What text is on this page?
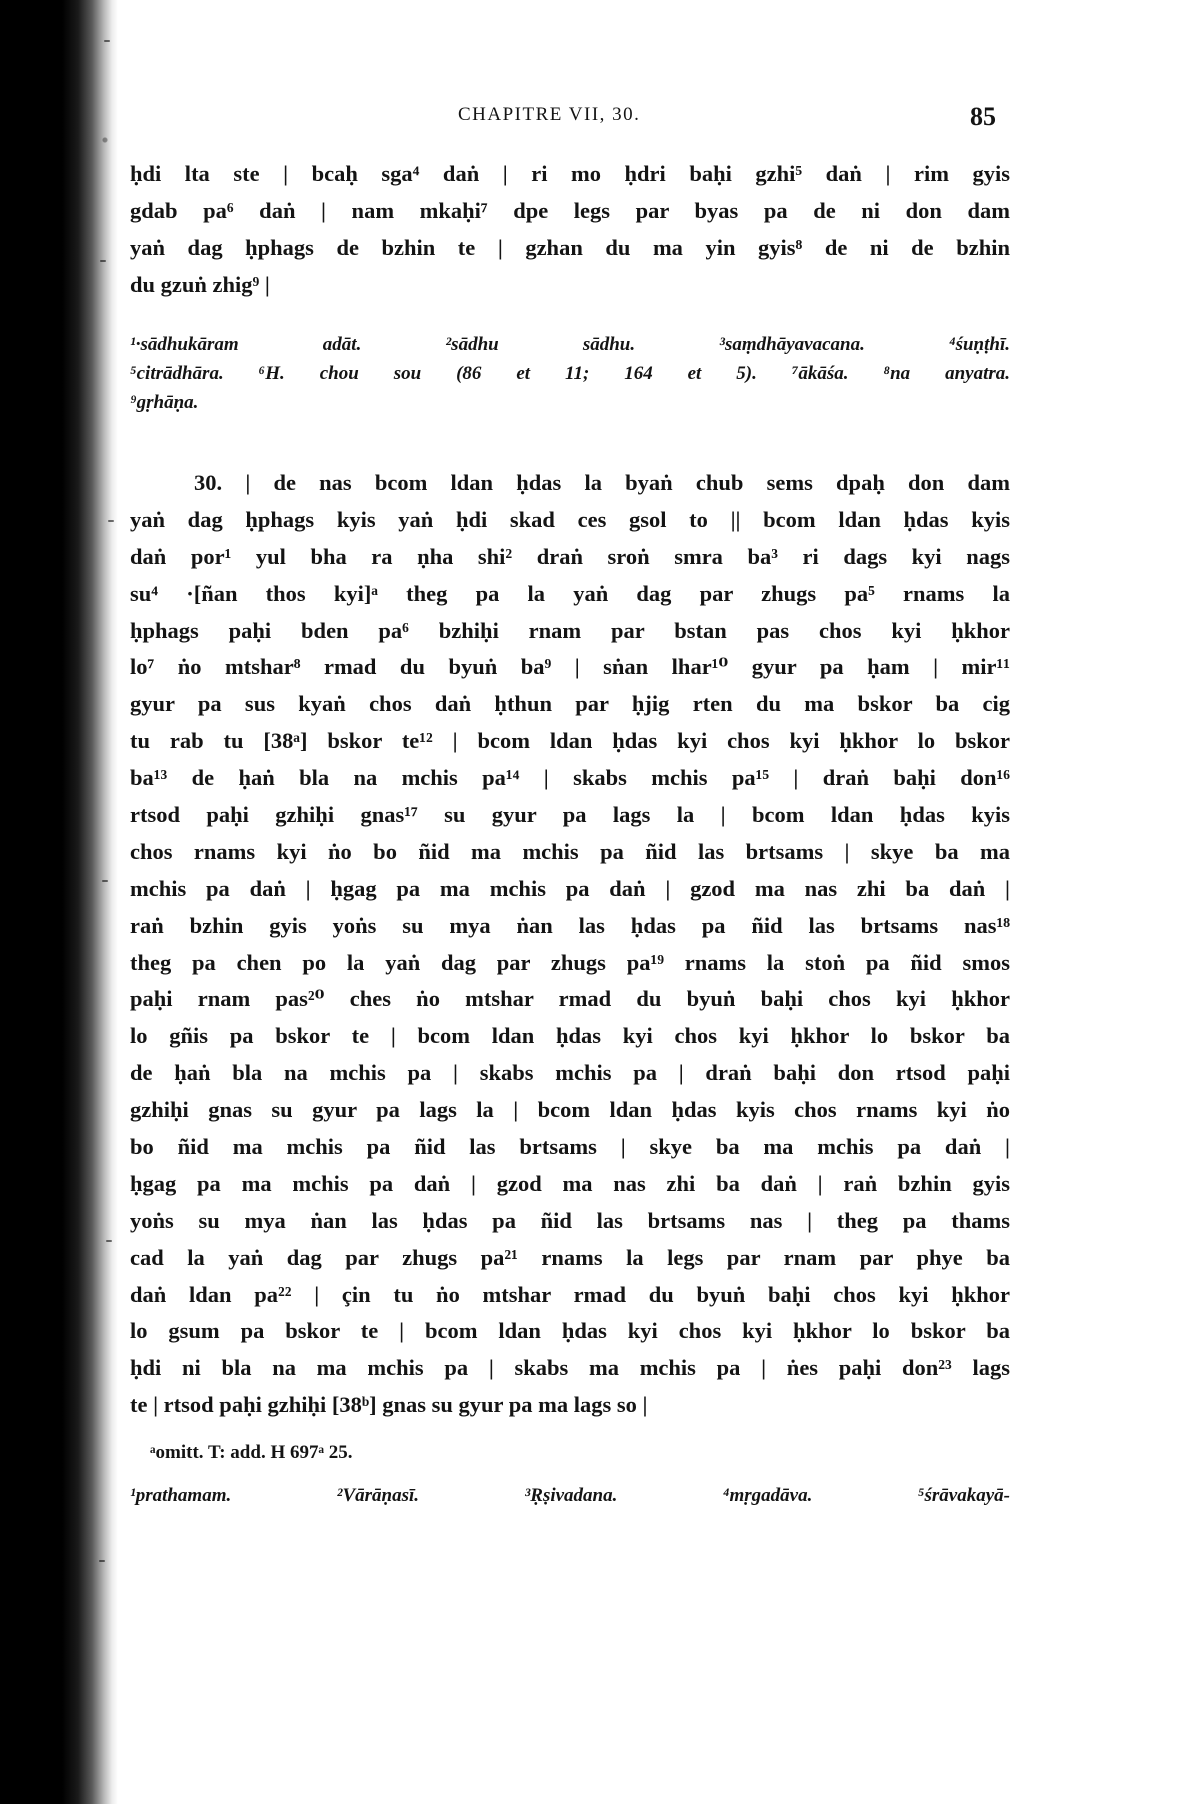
CHAPITRE VII, 30.	85
ḥdi lta ste | bcaḥ sga⁴ daṅ | ri mo ḥdri baḥi gzhi⁵ daṅ | rim gyis
gdab pa⁶ daṅ | nam mkaḥi⁷ dpe legs par byas pa de ni don dam
yaṅ dag ḥphags de bzhin te | gzhan du ma yin gyis⁸ de ni de bzhin
du gzuṅ zhig⁹ |
¹·sādhukāram adāt. ²sādhu sādhu. ³saṃdhāyavacana. ⁴śuṇṭhī.
⁵citrādhāra. ⁶H. chou sou (86 et 11; 164 et 5). ⁷ākāśa. ⁸na anyatra.
⁹gṛhāṇa.
30. | de nas bcom ldan ḥdas la byaṅ chub sems dpaḥ don dam
yaṅ dag ḥphags kyis yaṅ ḥdi skad ces gsol to || bcom ldan ḥdas kyis
daṅ por¹ yul bha ra ṇha shi² draṅ sroṅ smra ba³ ri dags kyi nags
su⁴ ·[ñan thos kyi]ᵃ theg pa la yaṅ dag par zhugs pa⁵ rnams la
ḥphags paḥi bden pa⁶ bzhiḥi rnam par bstan pas chos kyi ḥkhor
lo⁷ ṅo mtshar⁸ rmad du byuṅ ba⁹ | sṅan lhar¹⁰ gyur pa ḥam | mir¹¹
gyur pa sus kyaṅ chos daṅ ḥthun par ḥjig rten du ma bskor ba cig
tu rab tu [38ᵃ] bskor te¹² | bcom ldan ḥdas kyi chos kyi ḥkhor lo bskor
ba¹³ de ḥaṅ bla na mchis pa¹⁴ | skabs mchis pa¹⁵ | draṅ baḥi don¹⁶
rtsod paḥi gzhiḥi gnas¹⁷ su gyur pa lags la | bcom ldan ḥdas kyis
chos rnams kyi ṅo bo ñid ma mchis pa ñid las brtsams | skye ba ma
mchis pa daṅ | ḥgag pa ma mchis pa daṅ | gzod ma nas zhi ba daṅ |
raṅ bzhin gyis yoṅs su mya ṅan las ḥdas pa ñid las brtsams nas¹⁸
theg pa chen po la yaṅ dag par zhugs pa¹⁹ rnams la stoṅ pa ñid smos
paḥi rnam pas²⁰ ches ṅo mtshar rmad du byuṅ baḥi chos kyi ḥkhor
lo gñis pa bskor te | bcom ldan ḥdas kyi chos kyi ḥkhor lo bskor ba
de ḥaṅ bla na mchis pa | skabs mchis pa | draṅ baḥi don rtsod paḥi
gzhiḥi gnas su gyur pa lags la | bcom ldan ḥdas kyis chos rnams kyi ṅo
bo ñid ma mchis pa ñid las brtsams | skye ba ma mchis pa daṅ |
ḥgag pa ma mchis pa daṅ | gzod ma nas zhi ba daṅ | raṅ bzhin gyis
yoṅs su mya ṅan las ḥdas pa ñid las brtsams nas | theg pa thams
cad la yaṅ dag par zhugs pa²¹ rnams la legs par rnam par phye ba
daṅ ldan pa²² | çin tu ṅo mtshar rmad du byuṅ baḥi chos kyi ḥkhor
lo gsum pa bskor te | bcom ldan ḥdas kyi chos kyi ḥkhor lo bskor ba
ḥdi ni bla na ma mchis pa | skabs ma mchis pa | ṅes paḥi don²³ lags
te | rtsod paḥi gzhiḥi [38ᵇ] gnas su gyur pa ma lags so |
ᵃomitt. T: add. H 697ᵃ 25.
¹prathamam. ²Vārāṇasī. ³Ṛṣivadana. ⁴mṛgadāva. ⁵śrāvakayā-
